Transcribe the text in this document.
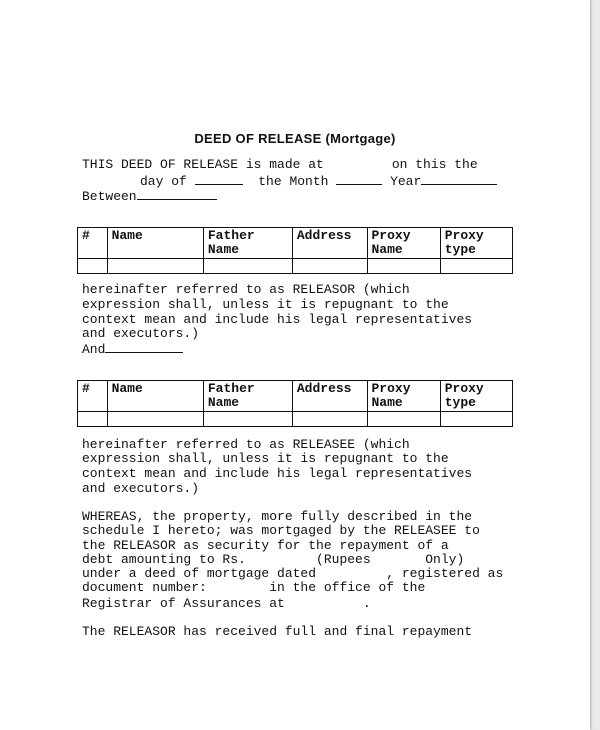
DEED OF RELEASE (Mortgage)
THIS DEED OF RELEASE is made at	on this the
day of	the Month	Year
Between
#	Name	Father Name	Address	Proxy Name	Proxy type

hereinafter referred to as RELEASOR (which
expression shall, unless it is repugnant to the
context mean and include his legal representatives
and executors.)
And
#	Name	Father Name	Address	Proxy Name	Proxy type

hereinafter referred to as RELEASEE (which
expression shall, unless it is repugnant to the
context mean and include his legal representatives
and executors.)
WHEREAS, the property, more fully described in the
schedule I hereto; was mortgaged by the RELEASEE to
the RELEASOR as security for the repayment of a
debt amounting to Rs.         (Rupees       Only)
under a deed of mortgage dated         , registered as
document number:        in the office of the
Registrar of Assurances at          .
The RELEASOR has received full and final repayment
